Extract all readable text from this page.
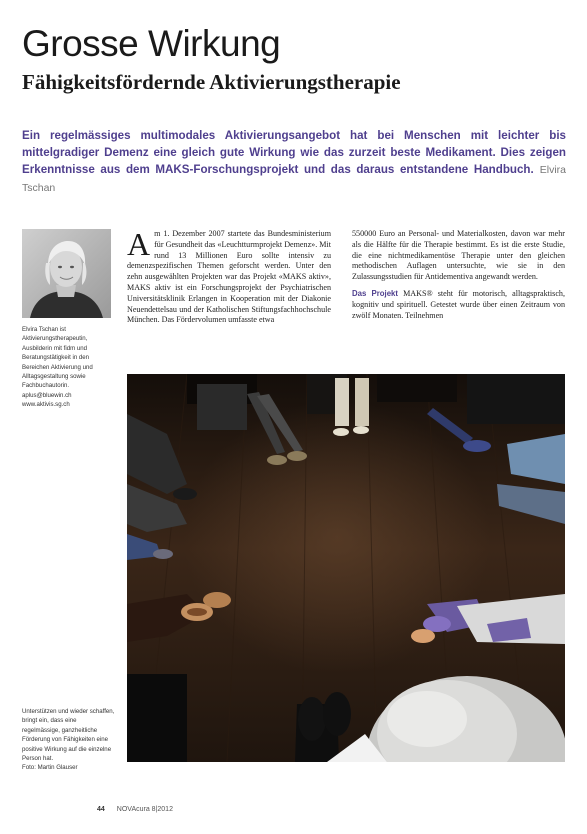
Grosse Wirkung
Fähigkeitsfördernde Aktivierungstherapie

Ein regelmässiges multimodales Aktivierungsangebot hat bei Menschen mit leichter bis mittelgradiger Demenz eine gleich gute Wirkung wie das zurzeit beste Medikament. Dies zeigen Erkenntnisse aus dem MAKS-Forschungsprojekt und das daraus entstandene Handbuch. Elvira Tschan

Elvira Tschan ist Aktivierungstherapeutin, Ausbilderin mit fidm und Beratungstätigkeit in den Bereichen Aktivierung und Alltagsgestaltung sowie Fachbuchautorin. aplus@bluewin.ch www.aktivis.sg.ch

Am 1. Dezember 2007 startete das Bundesministerium für Gesundheit das «Leuchtturmprojekt Demenz». Mit rund 13 Millionen Euro sollte intensiv zu demenzspezifischen Themen geforscht werden. Unter den zehn ausgewählten Projekten war das Projekt «MAKS aktiv», MAKS aktiv ist ein Forschungsprojekt der Psychiatrischen Universitätsklinik Erlangen in Kooperation mit der Diakonie Neuendettelsau und der Katholischen Stiftungsfachhochschule München. Das Fördervolumen umfasste etwa

550000 Euro an Personal- und Materialkosten, davon war mehr als die Hälfte für die Therapie bestimmt. Es ist die erste Studie, die eine nichtmedikamentöse Therapie unter den gleichen methodischen Auflagen untersuchte, wie sie in den Zulassungsstudien für Antidementiva angewandt werden.

Das Projekt MAKS® steht für motorisch, alltagspraktisch, kognitiv und spirituell. Getestet wurde über einen Zeitraum von zwölf Monaten. Teilnehmen

Unterstützen und wieder schaffen, bringt ein, dass eine regelmässige, ganzheitliche Förderung von Fähigkeiten eine positive Wirkung auf die einzelne Person hat.
Foto: Martin Glauser

44 NOVAcura 8|2012
